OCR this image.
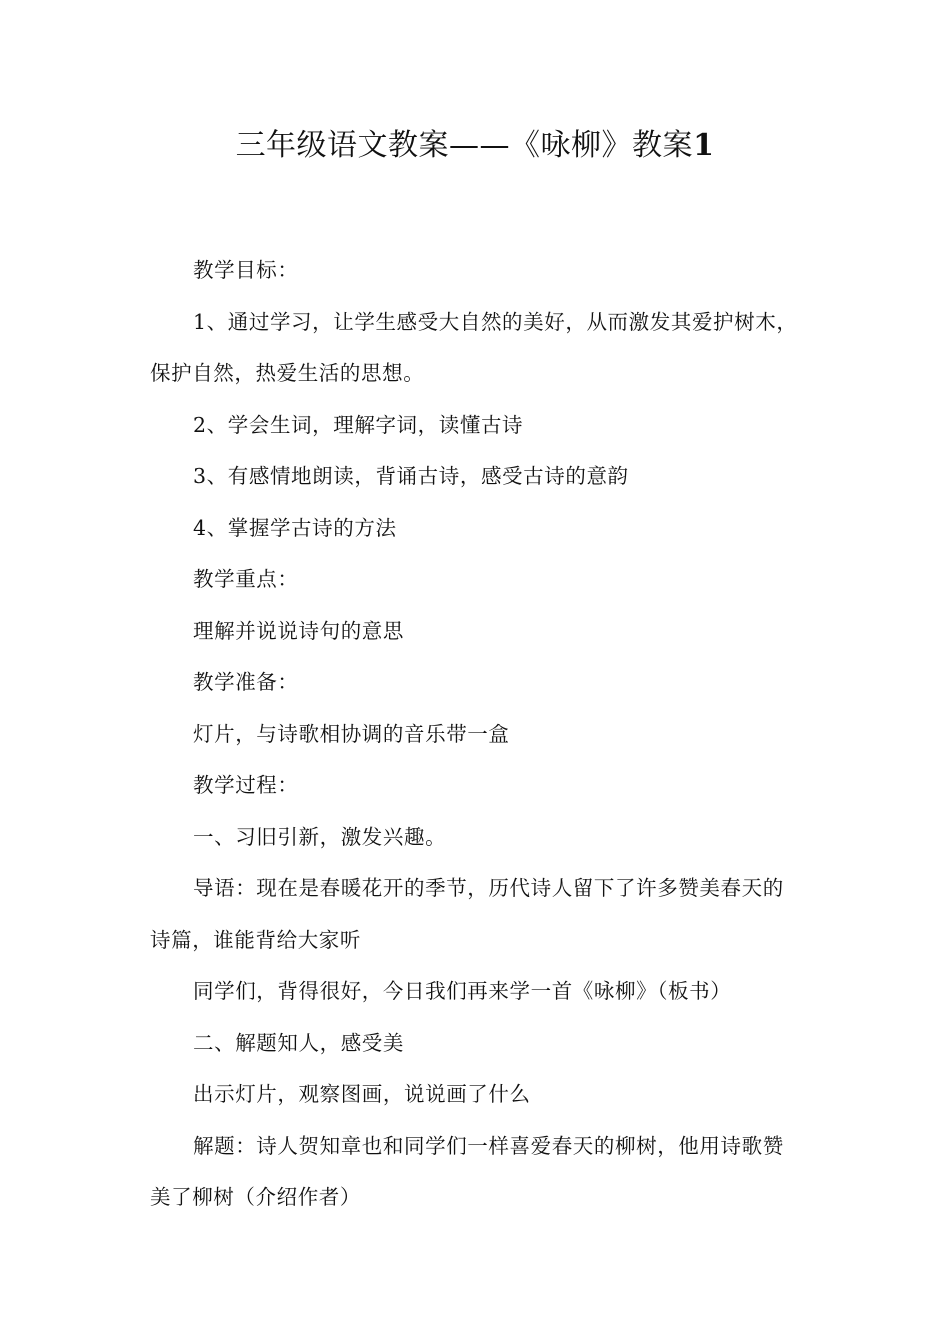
三年级语文教案——《咏柳》教案1

教学目标：

1、通过学习，让学生感受大自然的美好，从而激发其爱护树木，保护自然，热爱生活的思想。

2、学会生词，理解字词，读懂古诗

3、有感情地朗读，背诵古诗，感受古诗的意韵

4、掌握学古诗的方法

教学重点：

理解并说说诗句的意思

教学准备：

灯片，与诗歌相协调的音乐带一盒

教学过程：

一、习旧引新，激发兴趣。

导语：现在是春暖花开的季节，历代诗人留下了许多赞美春天的诗篇，谁能背给大家听

同学们，背得很好，今日我们再来学一首《咏柳》（板书）

二、解题知人，感受美

出示灯片，观察图画，说说画了什么

解题：诗人贺知章也和同学们一样喜爱春天的柳树，他用诗歌赞美了柳树（介绍作者）
